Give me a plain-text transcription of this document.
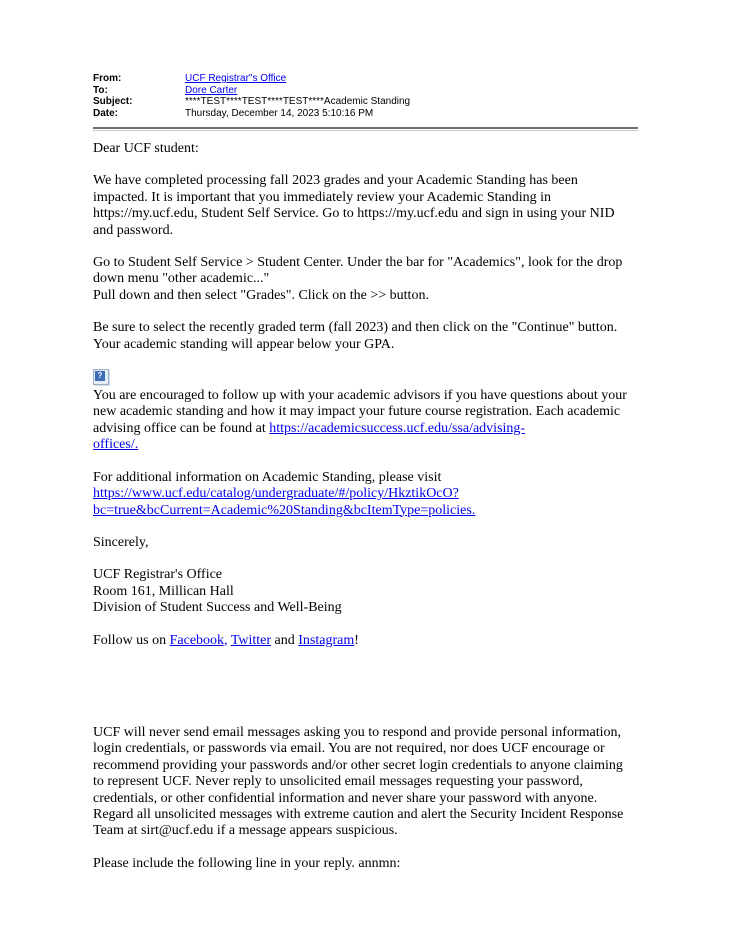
From:	UCF Registrar"s Office
To:	Dore Carter
Subject:	****TEST****TEST****TEST****Academic Standing
Date:	Thursday, December 14, 2023 5:10:16 PM

Dear UCF student:

We have completed processing fall 2023 grades and your Academic Standing has been impacted. It is important that you immediately review your Academic Standing in https://my.ucf.edu, Student Self Service. Go to https://my.ucf.edu and sign in using your NID and password.

Go to Student Self Service > Student Center. Under the bar for "Academics", look for the drop down menu "other academic..."
Pull down and then select "Grades". Click on the >> button.

Be sure to select the recently graded term (fall 2023) and then click on the "Continue" button. Your academic standing will appear below your GPA.

?

You are encouraged to follow up with your academic advisors if you have questions about your new academic standing and how it may impact your future course registration. Each academic advising office can be found at https://academicsuccess.ucf.edu/ssa/advising-
offices/.

For additional information on Academic Standing, please visit
https://www.ucf.edu/catalog/undergraduate/#/policy/HkztikOcO?
bc=true&bcCurrent=Academic%20Standing&bcItemType=policies.

Sincerely,

UCF Registrar's Office
Room 161, Millican Hall
Division of Student Success and Well-Being

Follow us on Facebook, Twitter and Instagram!

UCF will never send email messages asking you to respond and provide personal information, login credentials, or passwords via email. You are not required, nor does UCF encourage or recommend providing your passwords and/or other secret login credentials to anyone claiming to represent UCF. Never reply to unsolicited email messages requesting your password, credentials, or other confidential information and never share your password with anyone. Regard all unsolicited messages with extreme caution and alert the Security Incident Response Team at sirt@ucf.edu if a message appears suspicious.

Please include the following line in your reply. annmn:
